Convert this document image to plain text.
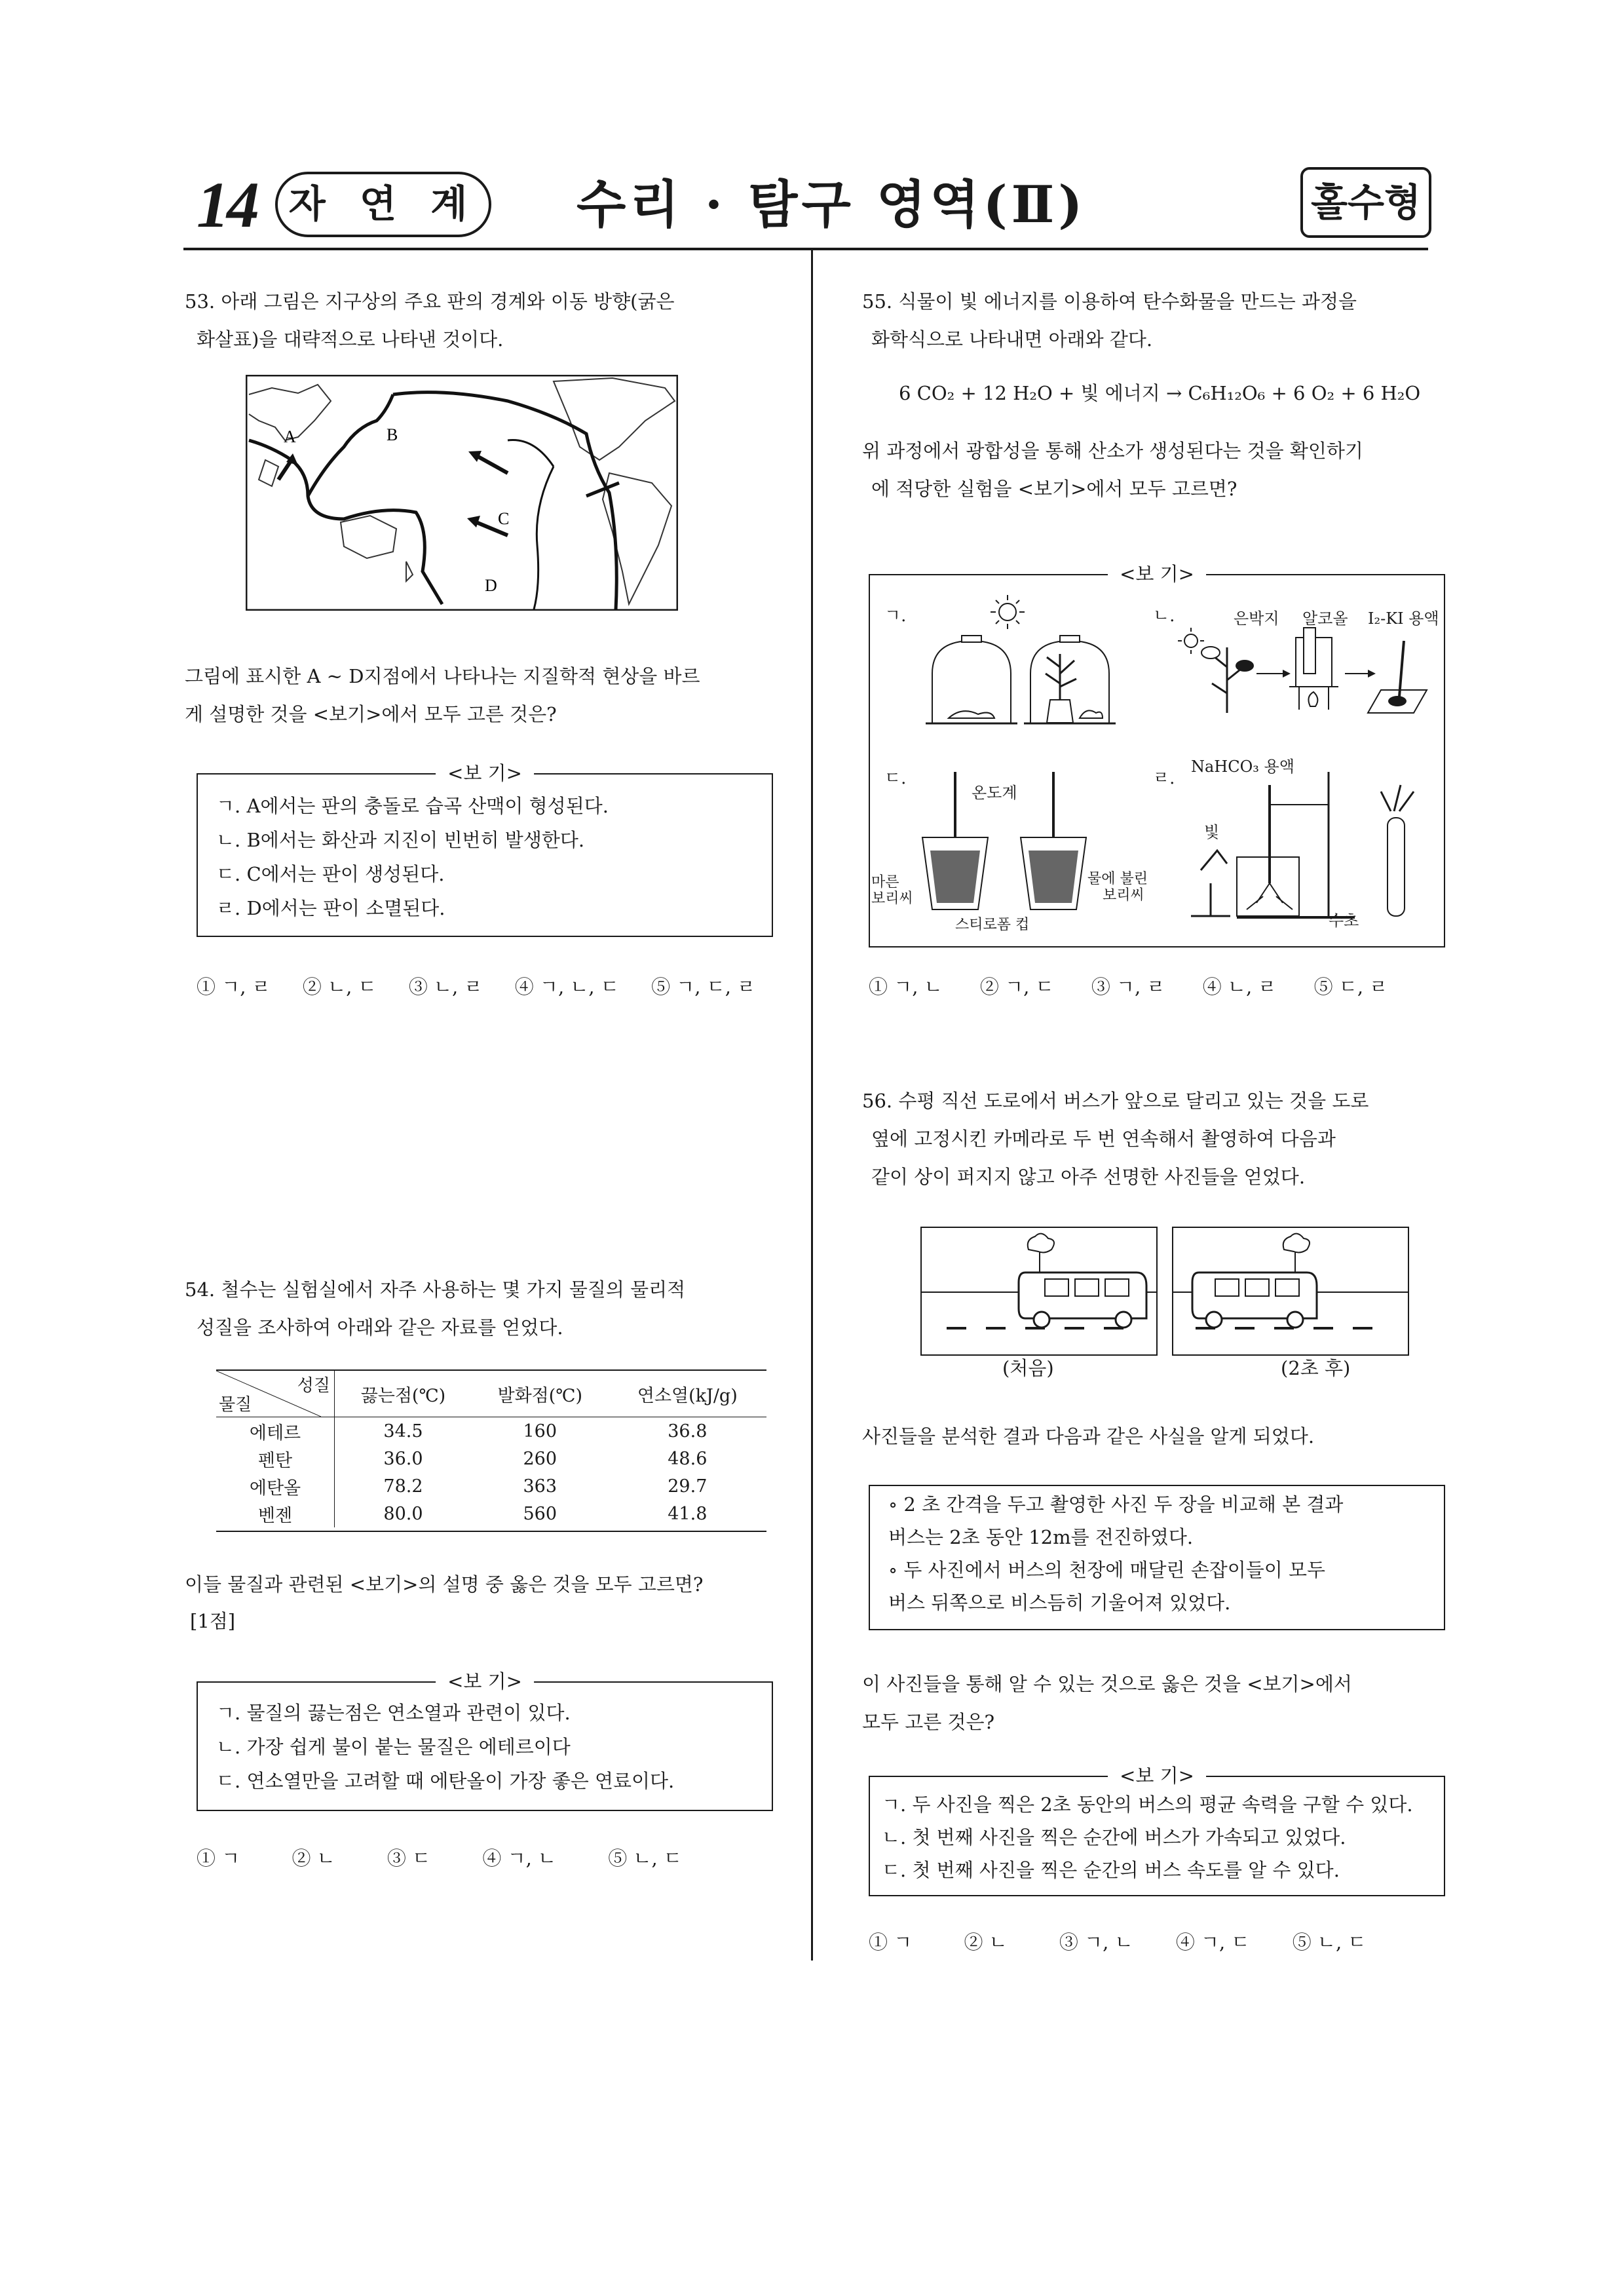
14 자 연 계 수리 · 탐구 영역(Ⅱ)	홀수형
53. 아래 그림은 지구상의 주요 판의 경계와 이동 방향(굵은
화살표)을 대략적으로 나타낸 것이다.
A	B
C
D
그림에 표시한 A ~ D지점에서 나타나는 지질학적 현상을 바르
게 설명한 것을 <보기>에서 모두 고른 것은?
<보 기>
ㄱ. A에서는 판의 충돌로 습곡 산맥이 형성된다.
ㄴ. B에서는 화산과 지진이 빈번히 발생한다.
ㄷ. C에서는 판이 생성된다.
ㄹ. D에서는 판이 소멸된다.
① ㄱ, ㄹ ② ㄴ, ㄷ ③ ㄴ, ㄹ ④ ㄱ, ㄴ, ㄷ ⑤ ㄱ, ㄷ, ㄹ
54. 철수는 실험실에서 자주 사용하는 몇 가지 물질의 물리적
성질을 조사하여 아래와 같은 자료를 얻었다.
성질
물질	끓는점(℃)	발화점(℃)	연소열(kJ/g)
에테르	34.5	160	36.8
펜탄	36.0	260	48.6
에탄올	78.2	363	29.7
벤젠	80.0	560	41.8
이들 물질과 관련된 <보기>의 설명 중 옳은 것을 모두 고르면?
[1점]
<보 기>
ㄱ. 물질의 끓는점은 연소열과 관련이 있다.
ㄴ. 가장 쉽게 불이 붙는 물질은 에테르이다
ㄷ. 연소열만을 고려할 때 에탄올이 가장 좋은 연료이다.
① ㄱ	② ㄴ	③ ㄷ	④ ㄱ, ㄴ	⑤ ㄴ, ㄷ
55. 식물이 빛 에너지를 이용하여 탄수화물을 만드는 과정을
화학식으로 나타내면 아래와 같다.
6 CO₂ + 12 H₂O + 빛 에너지 → C₆H₁₂O₆ + 6 O₂ + 6 H₂O
위 과정에서 광합성을 통해 산소가 생성된다는 것을 확인하기
에 적당한 실험을 <보기>에서 모두 고르면?
<보 기>
ㄱ.	ㄴ.	은박지 알코올 I₂-KI 용액
ㄷ.
온도계
마른
보리씨
물에 불린
보리씨
스티로폼 컵
ㄹ.
NaHCO₃ 용액
빛
수초
① ㄱ, ㄴ ② ㄱ, ㄷ ③ ㄱ, ㄹ ④ ㄴ, ㄹ ⑤ ㄷ, ㄹ
56. 수평 직선 도로에서 버스가 앞으로 달리고 있는 것을 도로
옆에 고정시킨 카메라로 두 번 연속해서 촬영하여 다음과
같이 상이 퍼지지 않고 아주 선명한 사진들을 얻었다.
(처음)	(2초 후)
사진들을 분석한 결과 다음과 같은 사실을 알게 되었다.
∘ 2 초 간격을 두고 촬영한 사진 두 장을 비교해 본 결과
버스는 2초 동안 12m를 전진하였다.
∘ 두 사진에서 버스의 천장에 매달린 손잡이들이 모두
버스 뒤쪽으로 비스듬히 기울어져 있었다.
이 사진들을 통해 알 수 있는 것으로 옳은 것을 <보기>에서
모두 고른 것은?
<보 기>
ㄱ. 두 사진을 찍은 2초 동안의 버스의 평균 속력을 구할 수 있다.
ㄴ. 첫 번째 사진을 찍은 순간에 버스가 가속되고 있었다.
ㄷ. 첫 번째 사진을 찍은 순간의 버스 속도를 알 수 있다.
① ㄱ	② ㄴ	③ ㄱ, ㄴ ④ ㄱ, ㄷ ⑤ ㄴ, ㄷ
